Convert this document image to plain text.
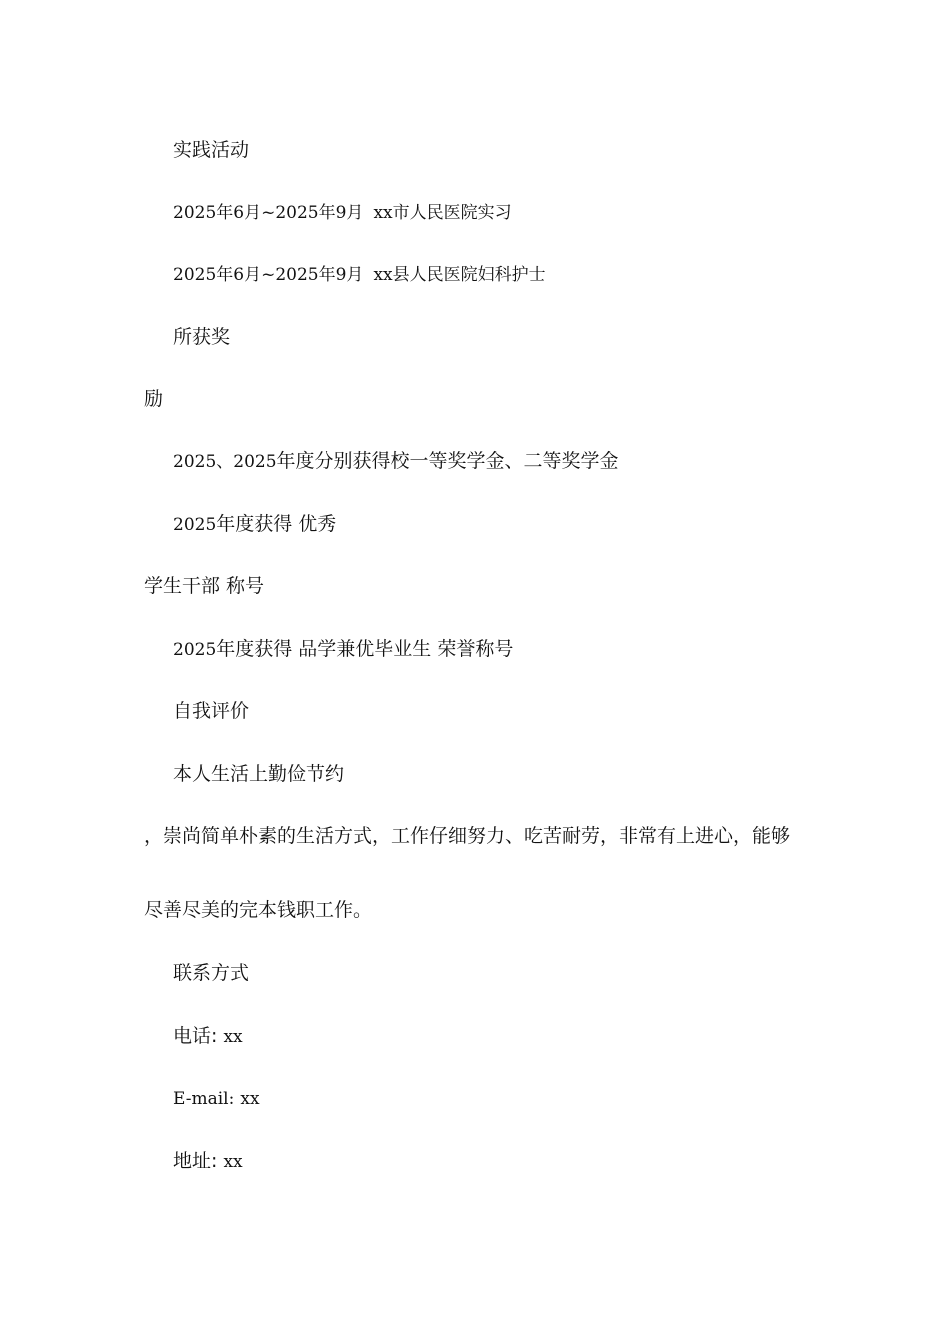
实践活动
2025年6月~2025年9月 xx市人民医院实习
2025年6月~2025年9月 xx县人民医院妇科护士
所获奖
励
2025、2025年度分别获得校一等奖学金、二等奖学金
2025年度获得 优秀
学生干部 称号
2025年度获得 品学兼优毕业生 荣誉称号
自我评价
本人生活上勤俭节约
，崇尚简单朴素的生活方式，工作仔细努力、吃苦耐劳，非常有上进心，能够
尽善尽美的完本钱职工作。
联系方式
电话: xx
E-mail: xx
地址: xx
